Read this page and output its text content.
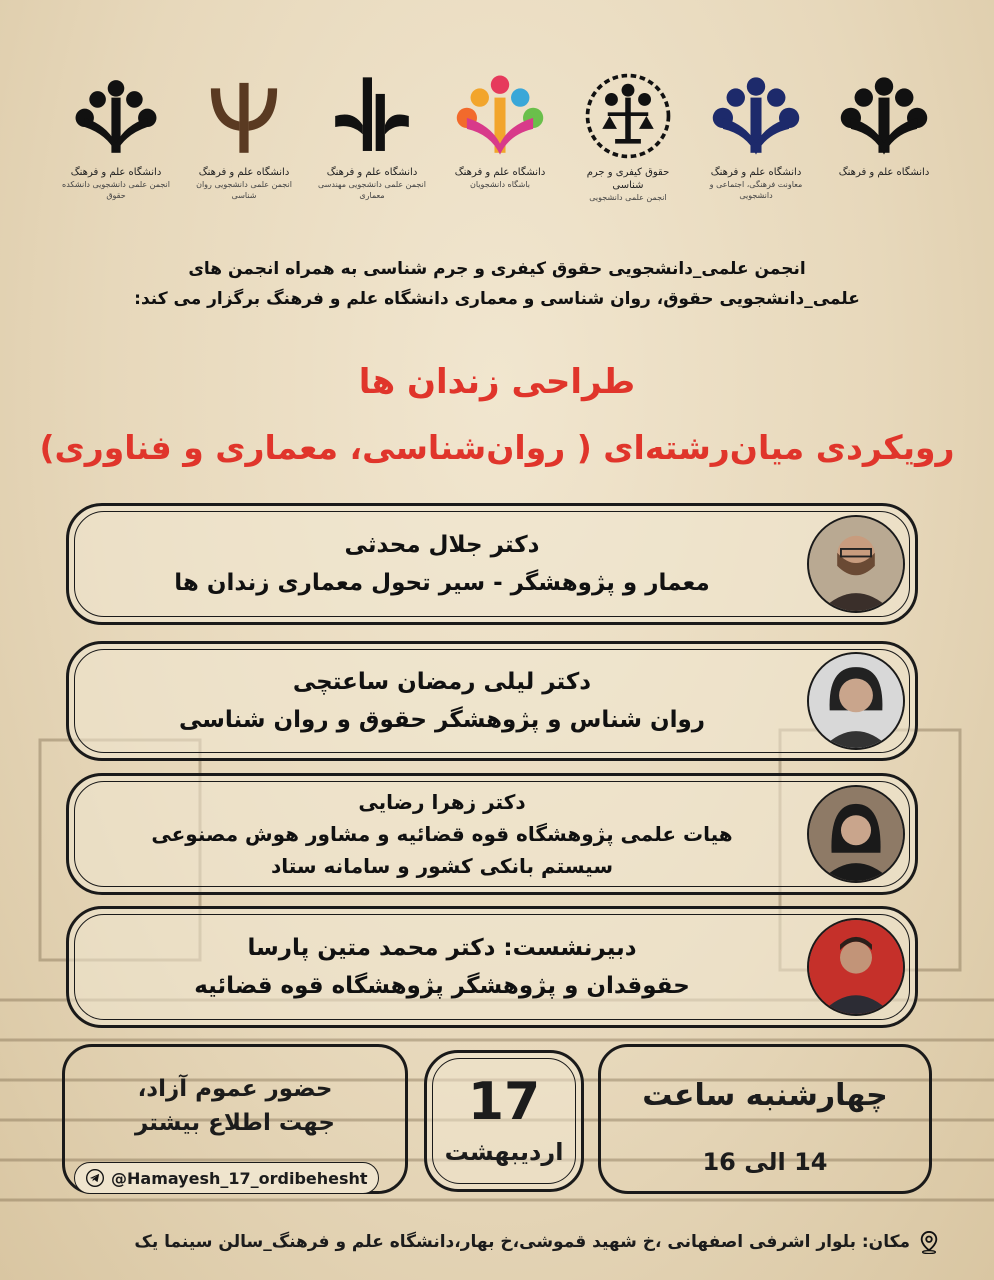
دانشگاه علم و فرهنگ
دانشگاه علم و فرهنگ
معاونت فرهنگی، اجتماعی و دانشجویی
حقوق کیفری و جرم شناسی
انجمن علمی دانشجویی
دانشگاه علم و فرهنگ
باشگاه دانشجویان
دانشگاه علم و فرهنگ
انجمن علمی دانشجویی مهندسی معماری
دانشگاه علم و فرهنگ
انجمن علمی دانشجویی روان شناسی
دانشگاه علم و فرهنگ
انجمن علمی دانشجویی دانشکده حقوق
انجمن علمی_دانشجویی حقوق کیفری و جرم شناسی به همراه انجمن های
علمی_دانشجویی حقوق، روان شناسی و معماری دانشگاه علم و فرهنگ برگزار می کند:
طراحی زندان ها
رویکردی میان‌رشته‌ای ( روان‌شناسی، معماری و فناوری)
دکتر جلال محدثی
معمار و پژوهشگر - سیر تحول معماری زندان ها
دکتر لیلی رمضان ساعتچی
روان شناس و پژوهشگر حقوق و روان شناسی
دکتر زهرا رضایی
هیات علمی پژوهشگاه قوه قضائیه و مشاور هوش مصنوعی
سیستم بانکی کشور و سامانه ستاد
دبیرنشست: دکتر محمد متین پارسا
حقوقدان و پژوهشگر پژوهشگاه قوه قضائیه
حضور عموم آزاد،
جهت اطلاع بیشتر
@Hamayesh_17_ordibehesht
17
اردیبهشت
چهارشنبه ساعت
14 الی 16
مکان: بلوار اشرفی اصفهانی ،خ شهید قموشی،خ بهار،دانشگاه علم و فرهنگ_سالن سینما یک
